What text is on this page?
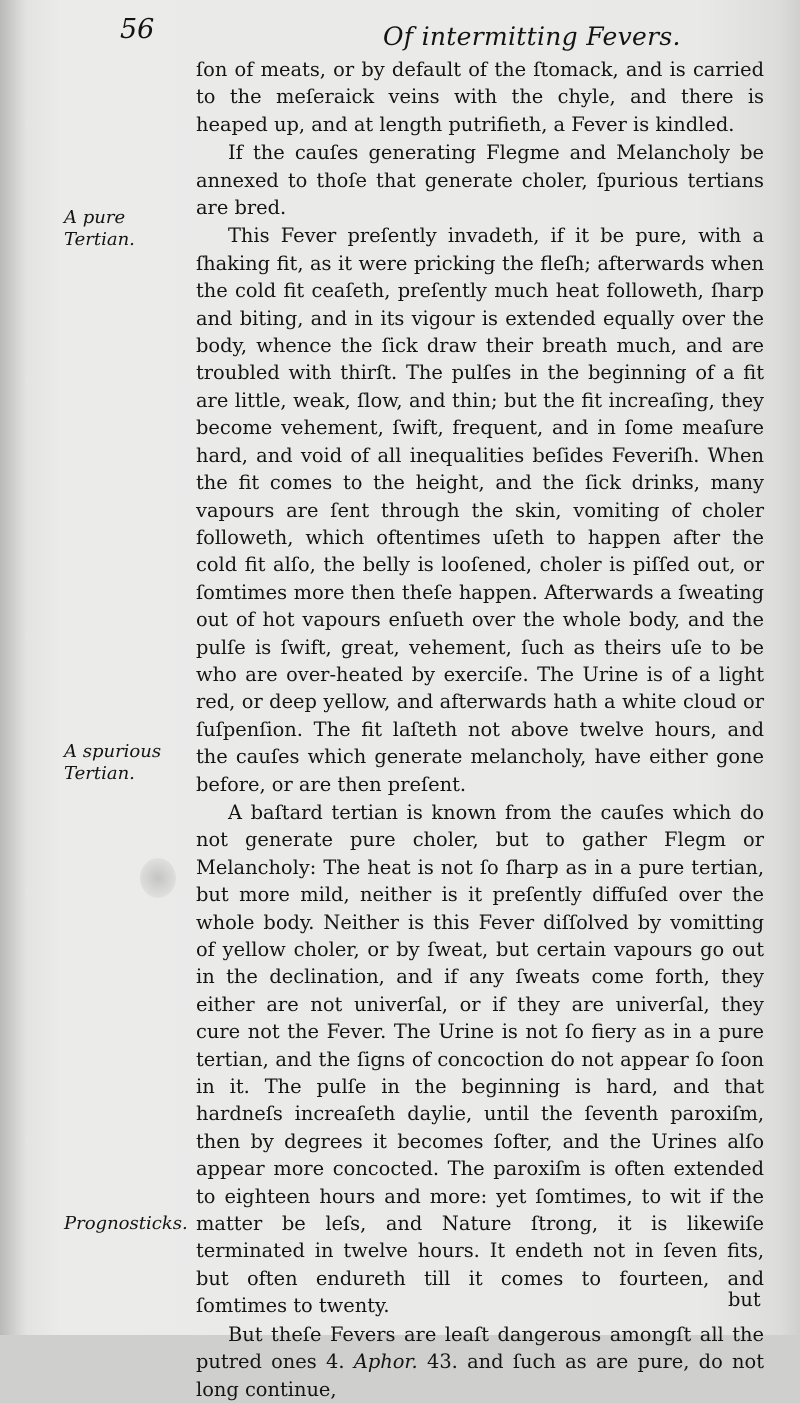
56	Of intermitting Fevers.
A pure Tertian.
A spurious Tertian.
Prognosticks.

ſon of meats, or by default of the ſtomack, and is carried to the meſeraick veins with the chyle, and there is heaped up, and at length putrifieth, a Fever is kindled.

If the cauſes generating Flegme and Melancholy be annexed to thoſe that generate choler, ſpurious tertians are bred.

This Fever preſently invadeth, if it be pure, with a ſhaking fit, as it were pricking the fleſh; afterwards when the cold fit ceaſeth, preſently much heat followeth, ſharp and biting, and in its vigour is extended equally over the body, whence the ſick draw their breath much, and are troubled with thirſt. The pulſes in the beginning of a fit are little, weak, ſlow, and thin; but the fit increaſing, they become vehement, ſwift, frequent, and in ſome meaſure hard, and void of all inequalities beſides Feveriſh. When the fit comes to the height, and the ſick drinks, many vapours are ſent through the skin, vomiting of choler followeth, which oftentimes uſeth to happen after the cold fit alſo, the belly is looſened, choler is piſſed out, or ſomtimes more then theſe happen. Afterwards a ſweating out of hot vapours enſueth over the whole body, and the pulſe is ſwift, great, vehement, ſuch as theirs uſe to be who are over-heated by exerciſe. The Urine is of a light red, or deep yellow, and afterwards hath a white cloud or ſuſpenſion. The fit laſteth not above twelve hours, and the cauſes which generate melancholy, have either gone before, or are then preſent.

A baſtard tertian is known from the cauſes which do not generate pure choler, but to gather Flegm or Melancholy: The heat is not ſo ſharp as in a pure tertian, but more mild, neither is it preſently diffuſed over the whole body. Neither is this Fever diſſolved by vomitting of yellow choler, or by ſweat, but certain vapours go out in the declination, and if any ſweats come forth, they either are not univerſal, or if they are univerſal, they cure not the Fever. The Urine is not ſo fiery as in a pure tertian, and the ſigns of concoction do not appear ſo ſoon in it. The pulſe in the beginning is hard, and that hardneſs increaſeth daylie, until the ſeventh paroxiſm, then by degrees it becomes ſofter, and the Urines alſo appear more concocted. The paroxiſm is often extended to eighteen hours and more: yet ſomtimes, to wit if the matter be leſs, and Nature ſtrong, it is likewiſe terminated in twelve hours. It endeth not in ſeven fits, but often endureth till it comes to fourteen, and ſomtimes to twenty.

But theſe Fevers are leaſt dangerous amongſt all the putred ones 4. Aphor. 43. and ſuch as are pure, do not long continue,

but
